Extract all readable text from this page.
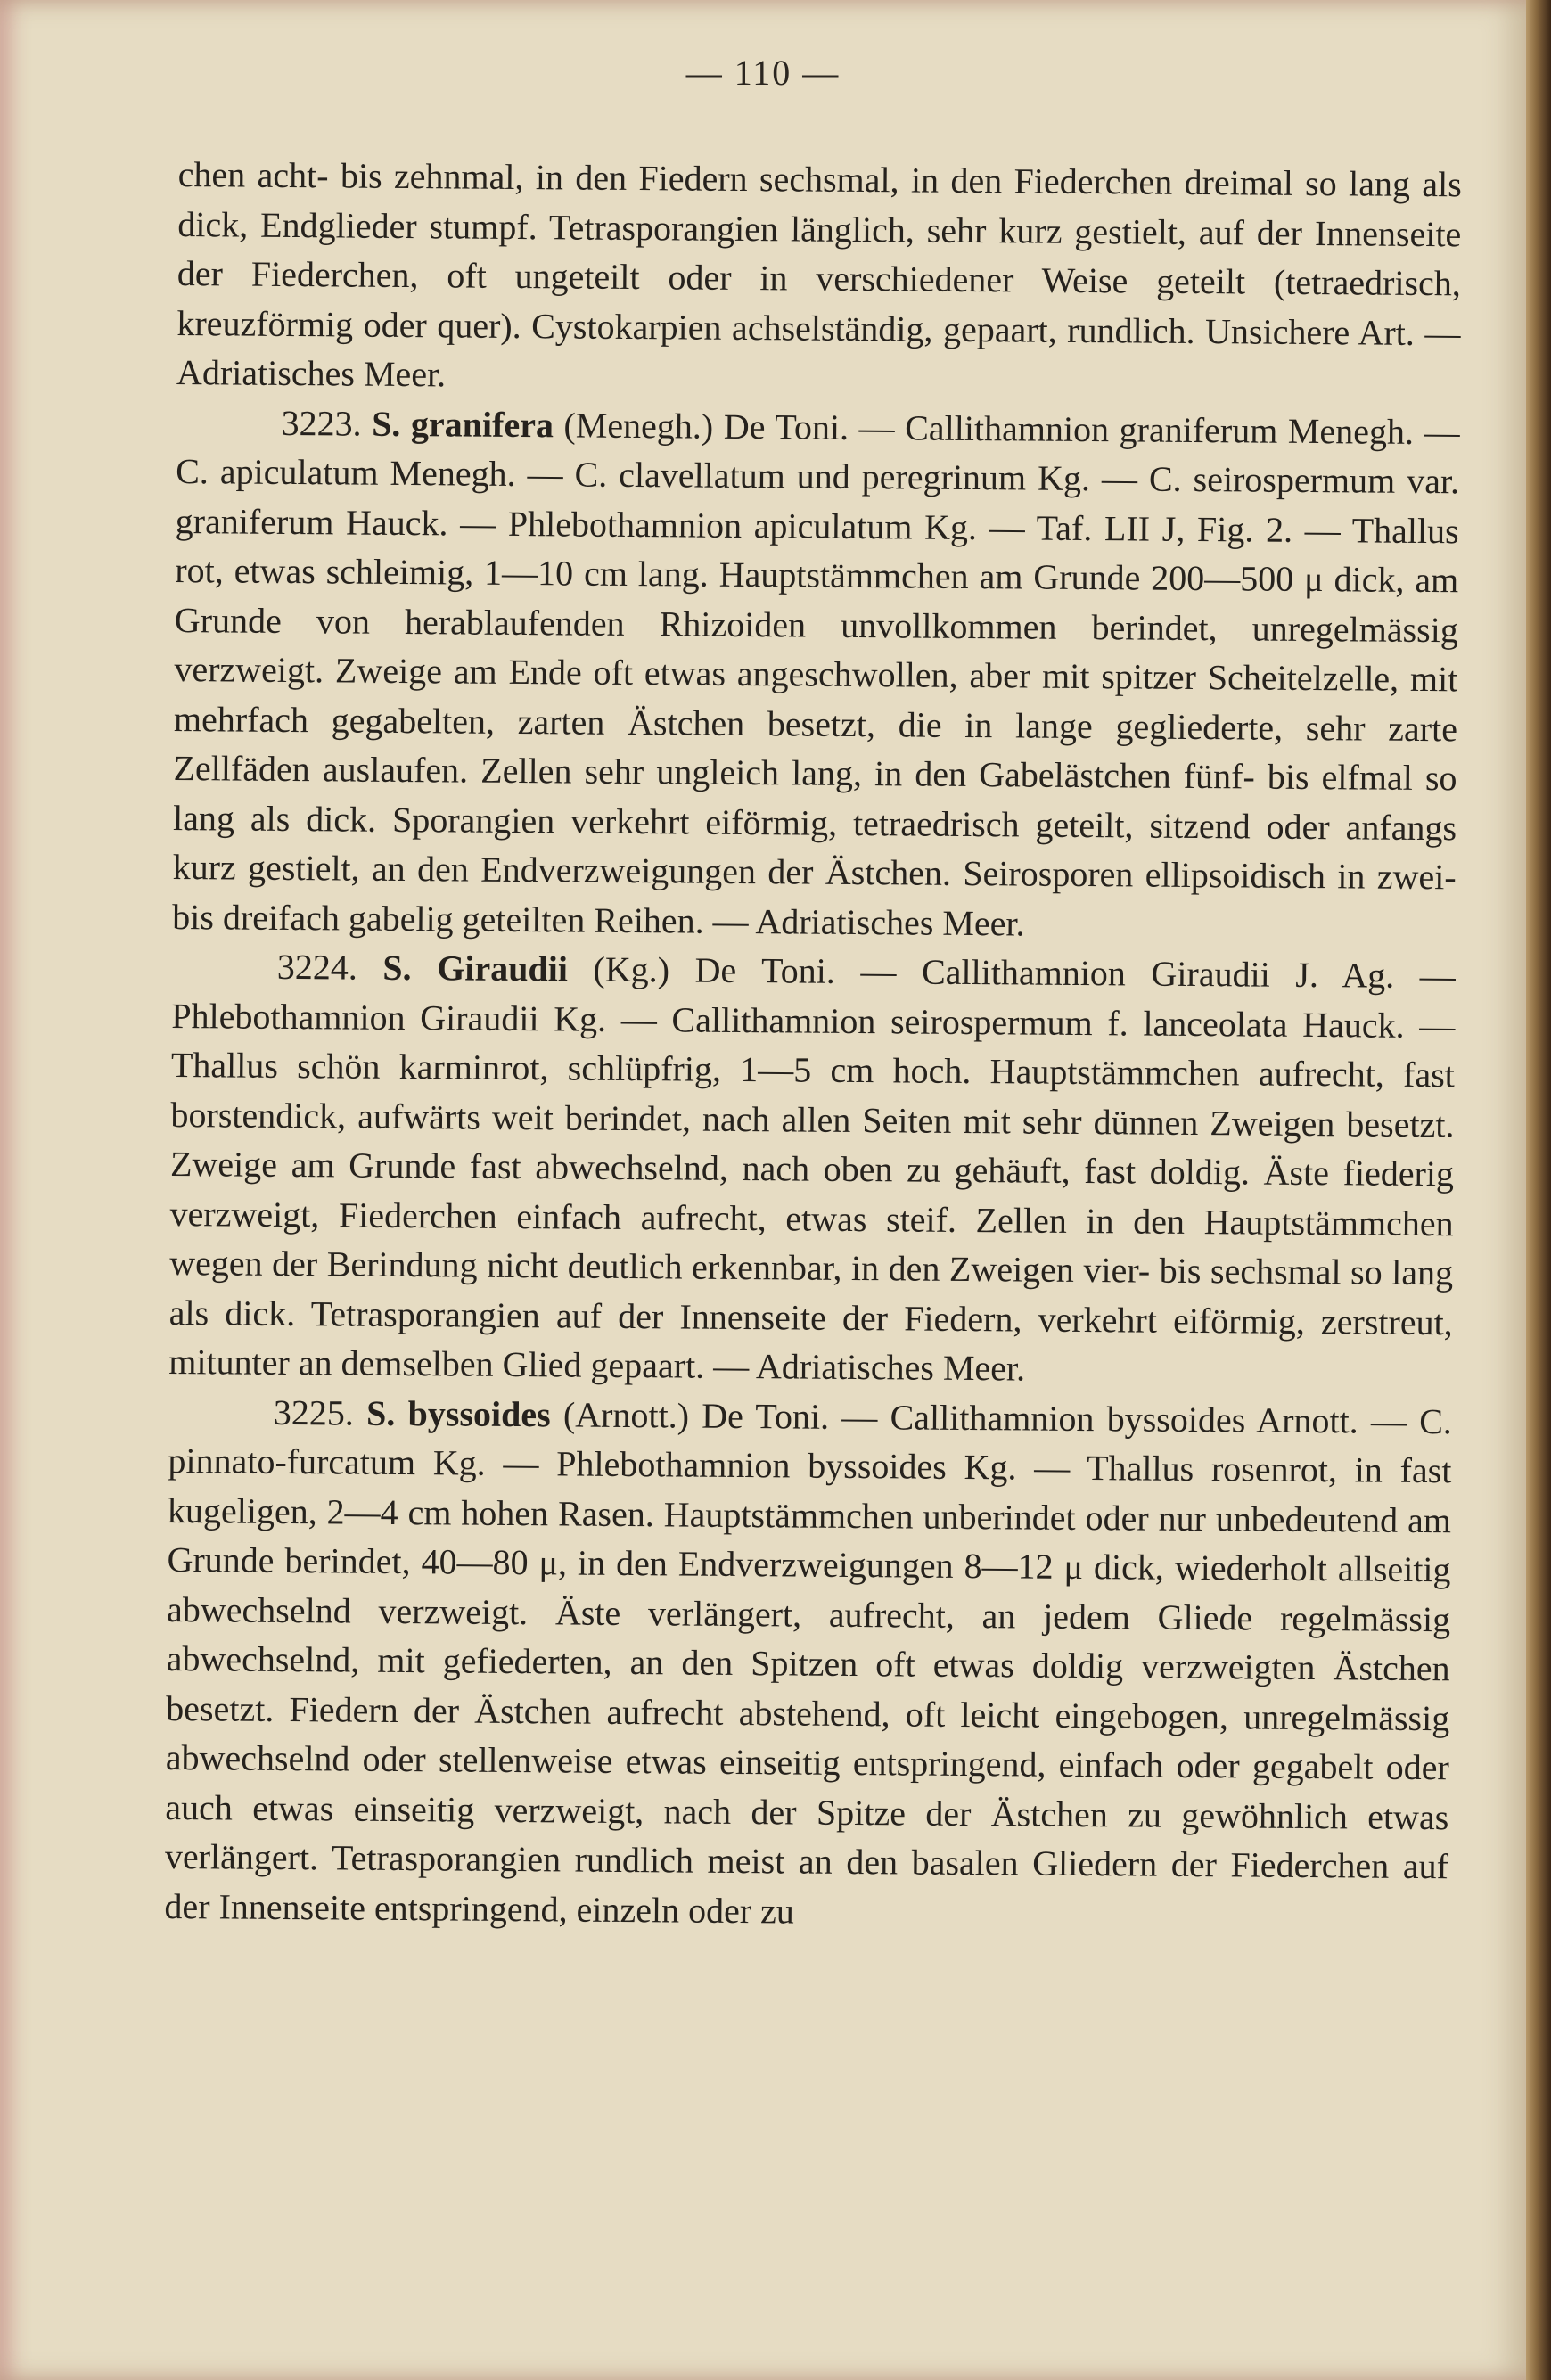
— 110 —

chen acht- bis zehnmal, in den Fiedern sechsmal, in den Fiederchen dreimal so lang als dick, Endglieder stumpf. Tetrasporangien länglich, sehr kurz gestielt, auf der Innenseite der Fiederchen, oft ungeteilt oder in verschiedener Weise geteilt (tetraedrisch, kreuzförmig oder quer). Cystokarpien achselständig, gepaart, rundlich. Unsichere Art. — Adriatisches Meer.

3223. S. granifera (Menegh.) De Toni. — Callithamnion graniferum Menegh. — C. apiculatum Menegh. — C. clavellatum und peregrinum Kg. — C. seirospermum var. graniferum Hauck. — Phlebothamnion apiculatum Kg. — Taf. LII J, Fig. 2. — Thallus rot, etwas schleimig, 1—10 cm lang. Hauptstämmchen am Grunde 200—500 μ dick, am Grunde von herablaufenden Rhizoiden unvollkommen berindet, unregelmässig verzweigt. Zweige am Ende oft etwas angeschwollen, aber mit spitzer Scheitelzelle, mit mehrfach gegabelten, zarten Ästchen besetzt, die in lange gegliederte, sehr zarte Zellfäden auslaufen. Zellen sehr ungleich lang, in den Gabelästchen fünf- bis elfmal so lang als dick. Sporangien verkehrt eiförmig, tetraedrisch geteilt, sitzend oder anfangs kurz gestielt, an den Endverzweigungen der Ästchen. Seirosporen ellipsoidisch in zwei- bis dreifach gabelig geteilten Reihen. — Adriatisches Meer.

3224. S. Giraudii (Kg.) De Toni. — Callithamnion Giraudii J. Ag. — Phlebothamnion Giraudii Kg. — Callithamnion seirospermum f. lanceolata Hauck. — Thallus schön karminrot, schlüpfrig, 1—5 cm hoch. Hauptstämmchen aufrecht, fast borstendick, aufwärts weit berindet, nach allen Seiten mit sehr dünnen Zweigen besetzt. Zweige am Grunde fast abwechselnd, nach oben zu gehäuft, fast doldig. Äste fiederig verzweigt, Fiederchen einfach aufrecht, etwas steif. Zellen in den Hauptstämmchen wegen der Berindung nicht deutlich erkennbar, in den Zweigen vier- bis sechsmal so lang als dick. Tetrasporangien auf der Innenseite der Fiedern, verkehrt eiförmig, zerstreut, mitunter an demselben Glied gepaart. — Adriatisches Meer.

3225. S. byssoides (Arnott.) De Toni. — Callithamnion byssoides Arnott. — C. pinnato-furcatum Kg. — Phlebothamnion byssoides Kg. — Thallus rosenrot, in fast kugeligen, 2—4 cm hohen Rasen. Hauptstämmchen unberindet oder nur unbedeutend am Grunde berindet, 40—80 μ, in den Endverzweigungen 8—12 μ dick, wiederholt allseitig abwechselnd verzweigt. Äste verlängert, aufrecht, an jedem Gliede regelmässig abwechselnd, mit gefiederten, an den Spitzen oft etwas doldig verzweigten Ästchen besetzt. Fiedern der Ästchen aufrecht abstehend, oft leicht eingebogen, unregelmässig abwechselnd oder stellenweise etwas einseitig entspringend, einfach oder gegabelt oder auch etwas einseitig verzweigt, nach der Spitze der Ästchen zu gewöhnlich etwas verlängert. Tetrasporangien rundlich meist an den basalen Gliedern der Fiederchen auf der Innenseite entspringend, einzeln oder zu
